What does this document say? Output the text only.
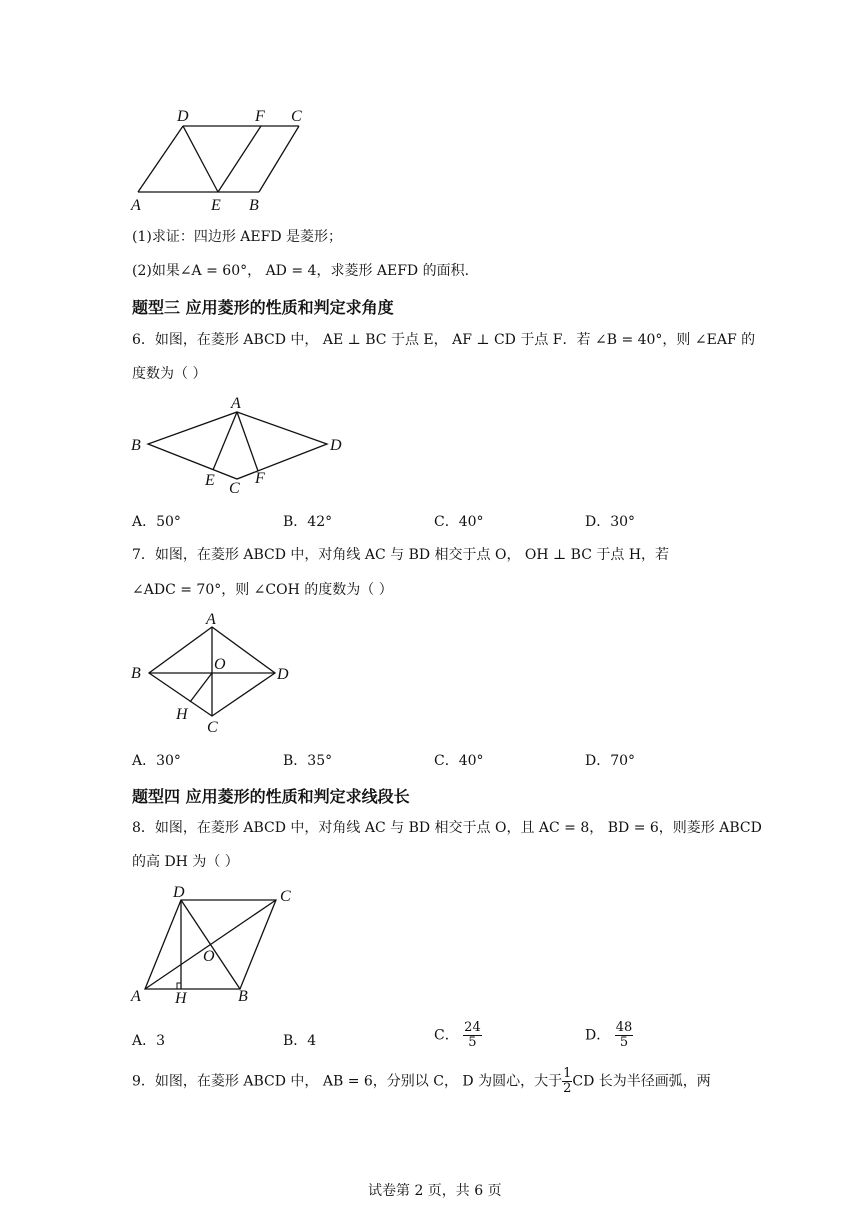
D	F C
A	E B
(1)求证：四边形 AEFD 是菱形；
(2)如果∠A = 60°， AD = 4，求菱形 AEFD 的面积.
题型三 应用菱形的性质和判定求角度
6．如图，在菱形 ABCD 中， AE ⊥ BC 于点 E， AF ⊥ CD 于点 F．若 ∠B = 40°，则 ∠EAF 的
度数为（ ）
A
B	D
E C
F
A．50°	B．42°	C．40°	D．30°
7．如图，在菱形 ABCD 中，对角线 AC 与 BD 相交于点 O， OH ⊥ BC 于点 H，若
∠ADC = 70°，则 ∠COH 的度数为（ ）
A
B
O
D
H
C
A．30°	B．35°	C．40°	D．70°
题型四 应用菱形的性质和判定求线段长
8．如图，在菱形 ABCD 中，对角线 AC 与 BD 相交于点 O，且 AC = 8， BD = 6，则菱形 ABCD
的高 DH 为（ ）
D	C
O
A H	B
A．3	B．4	C． $\frac{24}{5}$	D． $\frac{48}{5}$
9．如图，在菱形 ABCD 中， AB = 6，分别以 C， D 为圆心，大于 $\frac{1}{2}$ CD 长为半径画弧，两
试卷第 2 页，共 6 页
